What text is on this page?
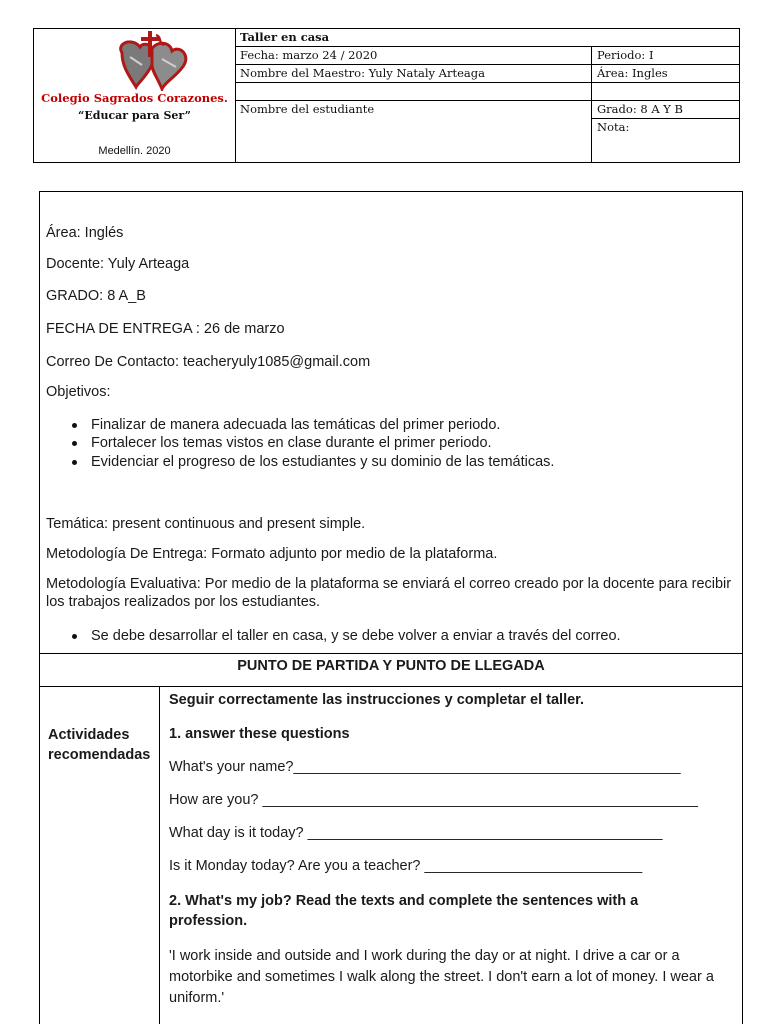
Colegio Sagrados Corazones.
“Educar para Ser”
Medellín. 2020
Taller en casa
Fecha: marzo 24 / 2020	Periodo: I
Nombre del Maestro: Yuly Nataly Arteaga	Área: Ingles
Nombre del estudiante	Grado: 8 A Y B
Nota:
Área: Inglés
Docente: Yuly Arteaga
GRADO: 8 A_B
FECHA DE ENTREGA : 26 de marzo
Correo De Contacto: teacheryuly1085@gmail.com
Objetivos:
Finalizar de manera adecuada las temáticas del primer periodo.
Fortalecer los temas vistos en clase durante el primer periodo.
Evidenciar el progreso de los estudiantes y su dominio de las temáticas.
Temática: present continuous and present simple.
Metodología De Entrega: Formato adjunto por medio de la plataforma.
Metodología Evaluativa: Por medio de la plataforma se enviará el correo creado por la docente para recibir los trabajos realizados por los estudiantes.
Se debe desarrollar el taller en casa, y se debe volver a enviar a través del correo.
PUNTO DE PARTIDA Y PUNTO DE LLEGADA
Actividades recomendadas
Seguir correctamente las instrucciones y completar el taller.
1. answer these questions
What's your name?________________________________________________
How are you? ______________________________________________________
What day is it today? ____________________________________________
Is it Monday today? Are you a teacher? ___________________________
2. What's my job? Read the texts and complete the sentences with a profession.
'I work inside and outside and I work during the day or at night. I drive a car or a motorbike and sometimes I walk along the street. I don't earn a lot of money. I wear a uniform.'
